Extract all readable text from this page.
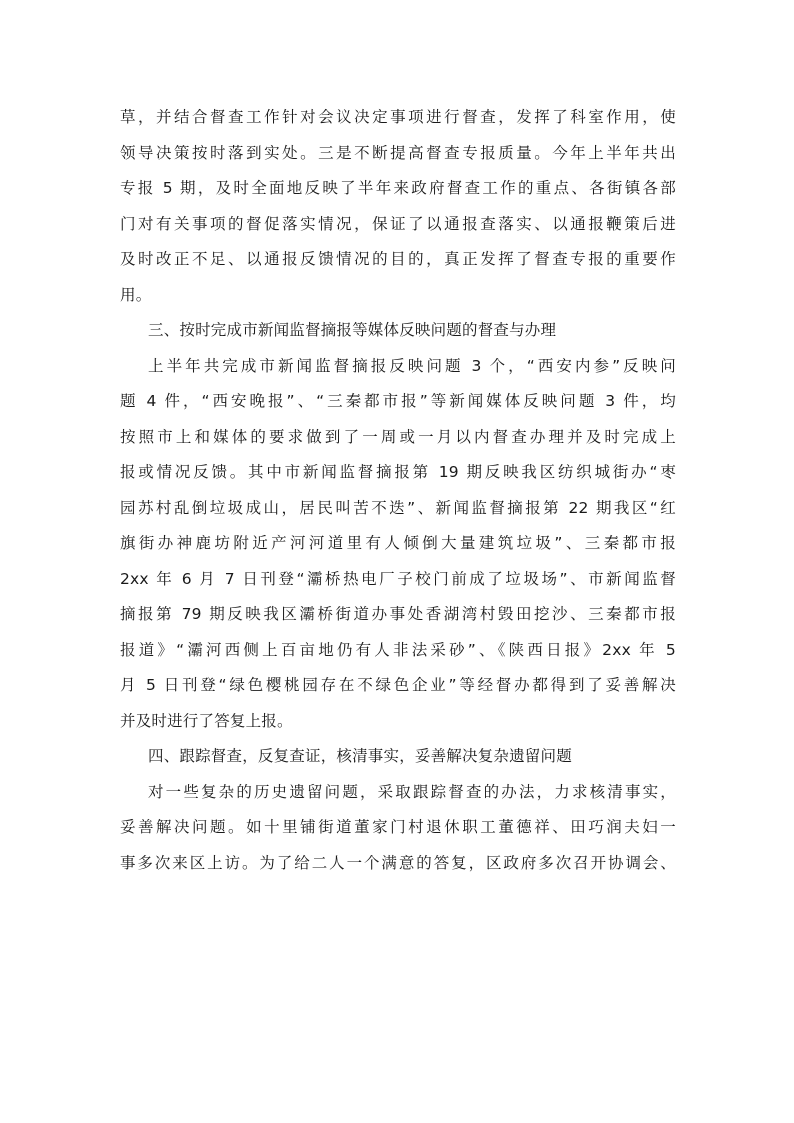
草，并结合督查工作针对会议决定事项进行督查，发挥了科室作用，使
领导决策按时落到实处。三是不断提高督查专报质量。今年上半年共出
专报 5 期，及时全面地反映了半年来政府督查工作的重点、各街镇各部
门对有关事项的督促落实情况，保证了以通报查落实、以通报鞭策后进
及时改正不足、以通报反馈情况的目的，真正发挥了督查专报的重要作
用。
三、按时完成市新闻监督摘报等媒体反映问题的督查与办理
上半年共完成市新闻监督摘报反映问题 3 个，“西安内参”反映问
题 4 件，“西安晚报”、“三秦都市报”等新闻媒体反映问题 3 件，均
按照市上和媒体的要求做到了一周或一月以内督查办理并及时完成上
报或情况反馈。其中市新闻监督摘报第 19 期反映我区纺织城街办“枣
园苏村乱倒垃圾成山，居民叫苦不迭”、新闻监督摘报第 22 期我区“红
旗街办神鹿坊附近产河河道里有人倾倒大量建筑垃圾”、三秦都市报
2xx 年 6 月 7 日刊登“灞桥热电厂子校门前成了垃圾场”、市新闻监督
摘报第 79 期反映我区灞桥街道办事处香湖湾村毁田挖沙、三秦都市报
报道》“灞河西侧上百亩地仍有人非法采砂”、《陕西日报》2xx 年 5
月 5 日刊登“绿色樱桃园存在不绿色企业”等经督办都得到了妥善解决
并及时进行了答复上报。
四、跟踪督查，反复查证，核清事实，妥善解决复杂遗留问题
对一些复杂的历史遗留问题，采取跟踪督查的办法，力求核清事实，
妥善解决问题。如十里铺街道董家门村退休职工董德祥、田巧润夫妇一
事多次来区上访。为了给二人一个满意的答复，区政府多次召开协调会、
